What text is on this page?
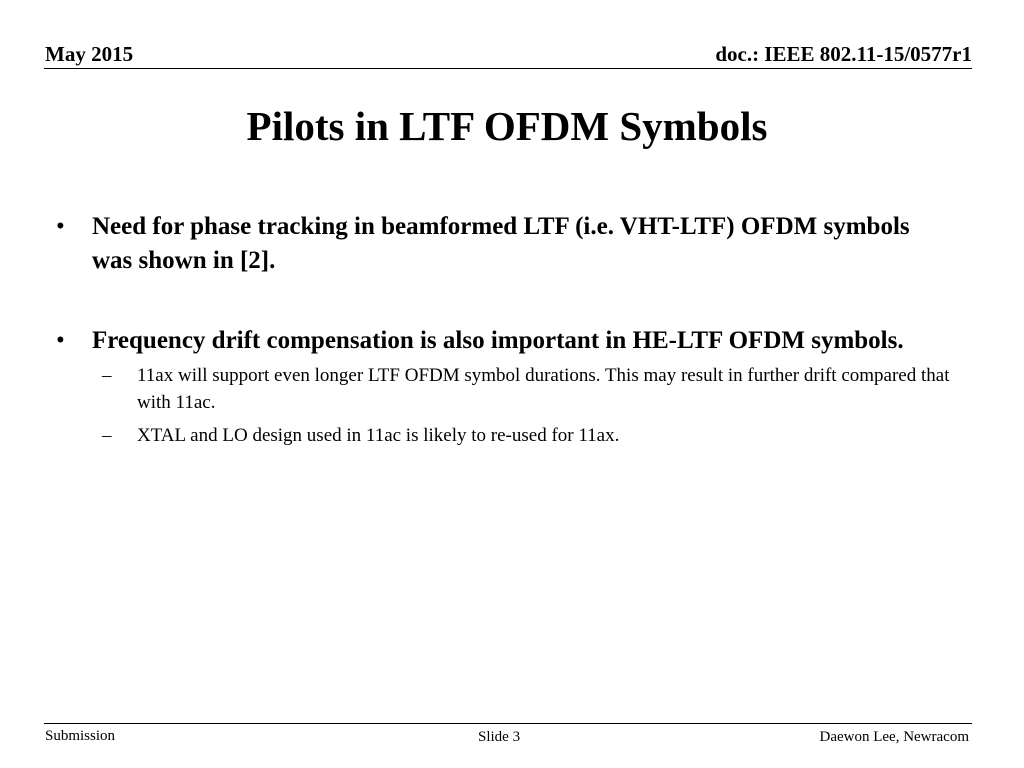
May 2015	doc.: IEEE 802.11-15/0577r1
Pilots in LTF OFDM Symbols
• Need for phase tracking in beamformed LTF (i.e. VHT-LTF) OFDM symbols was shown in [2].
• Frequency drift compensation is also important in HE-LTF OFDM symbols.
– 11ax will support even longer LTF OFDM symbol durations. This may result in further drift compared that with 11ac.
– XTAL and LO design used in 11ac is likely to re-used for 11ax.
Submission	Slide 3	Daewon Lee, Newracom
